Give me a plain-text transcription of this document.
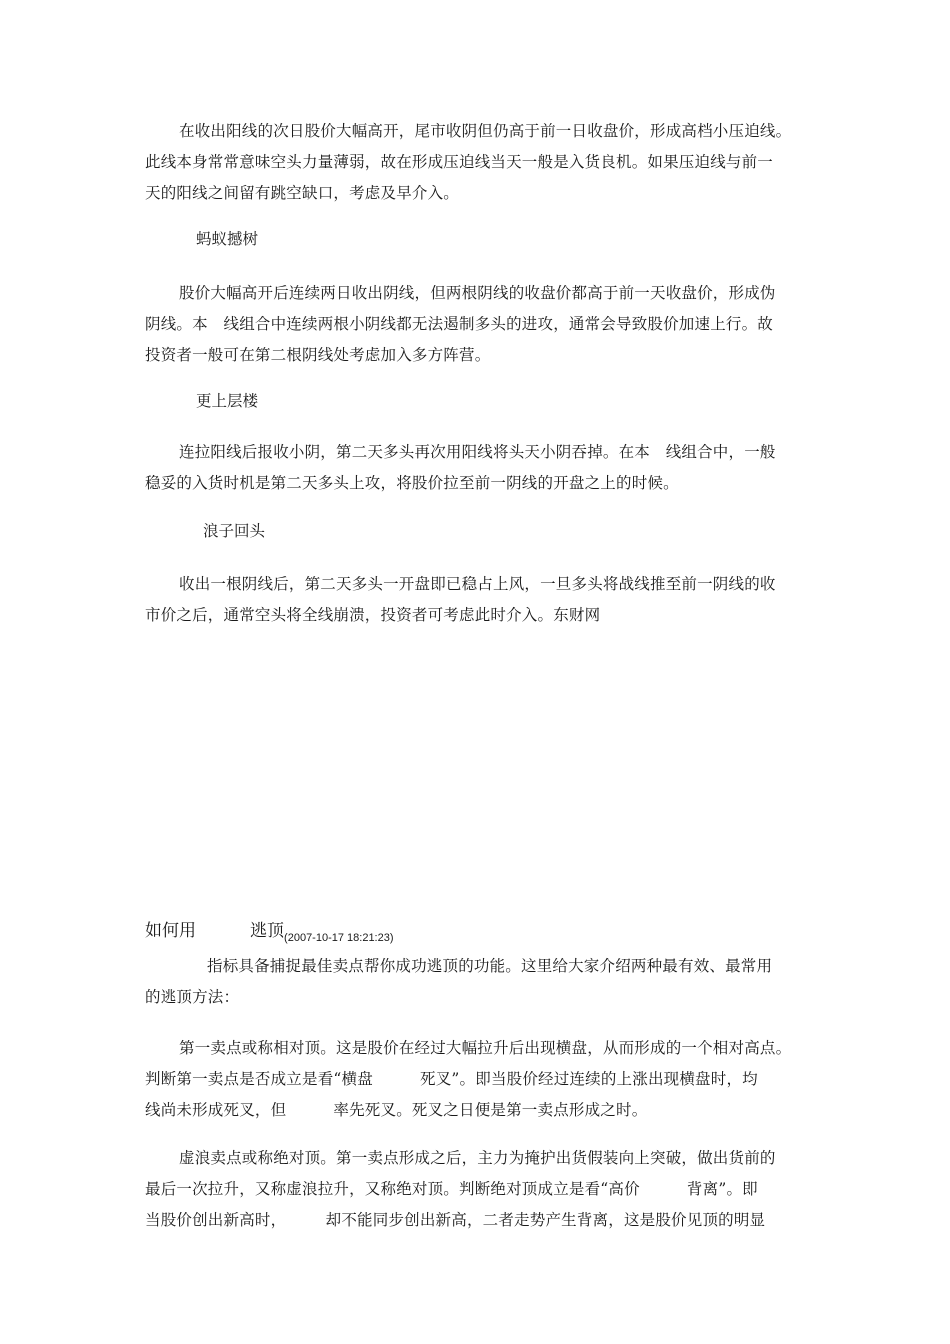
在收出阳线的次日股价大幅高开，尾市收阴但仍高于前一日收盘价，形成高档小压迫线。
此线本身常常意味空头力量薄弱，故在形成压迫线当天一般是入货良机。如果压迫线与前一
天的阳线之间留有跳空缺口，考虑及早介入。

蚂蚁撼树

股价大幅高开后连续两日收出阴线，但两根阴线的收盘价都高于前一天收盘价，形成伪
阴线。本　线组合中连续两根小阴线都无法遏制多头的进攻，通常会导致股价加速上行。故
投资者一般可在第二根阴线处考虑加入多方阵营。

更上层楼

连拉阳线后报收小阴，第二天多头再次用阳线将头天小阴吞掉。在本　线组合中，一般
稳妥的入货时机是第二天多头上攻，将股价拉至前一阴线的开盘之上的时候。

浪子回头

收出一根阴线后，第二天多头一开盘即已稳占上风，一旦多头将战线推至前一阴线的收
市价之后，通常空头将全线崩溃，投资者可考虑此时介入。东财网

如何用	逃顶$_{(2007-10-17 18:21:23)}$

指标具备捕捉最佳卖点帮你成功逃顶的功能。这里给大家介绍两种最有效、最常用
的逃顶方法：

第一卖点或称相对顶。这是股价在经过大幅拉升后出现横盘，从而形成的一个相对高点。
判断第一卖点是否成立是看“横盘　　　死叉”。即当股价经过连续的上涨出现横盘时，均
线尚未形成死叉，但　　　率先死叉。死叉之日便是第一卖点形成之时。

虚浪卖点或称绝对顶。第一卖点形成之后，主力为掩护出货假装向上突破，做出货前的
最后一次拉升，又称虚浪拉升，又称绝对顶。判断绝对顶成立是看“高价　　　背离”。即
当股价创出新高时，　　　却不能同步创出新高，二者走势产生背离，这是股价见顶的明显
